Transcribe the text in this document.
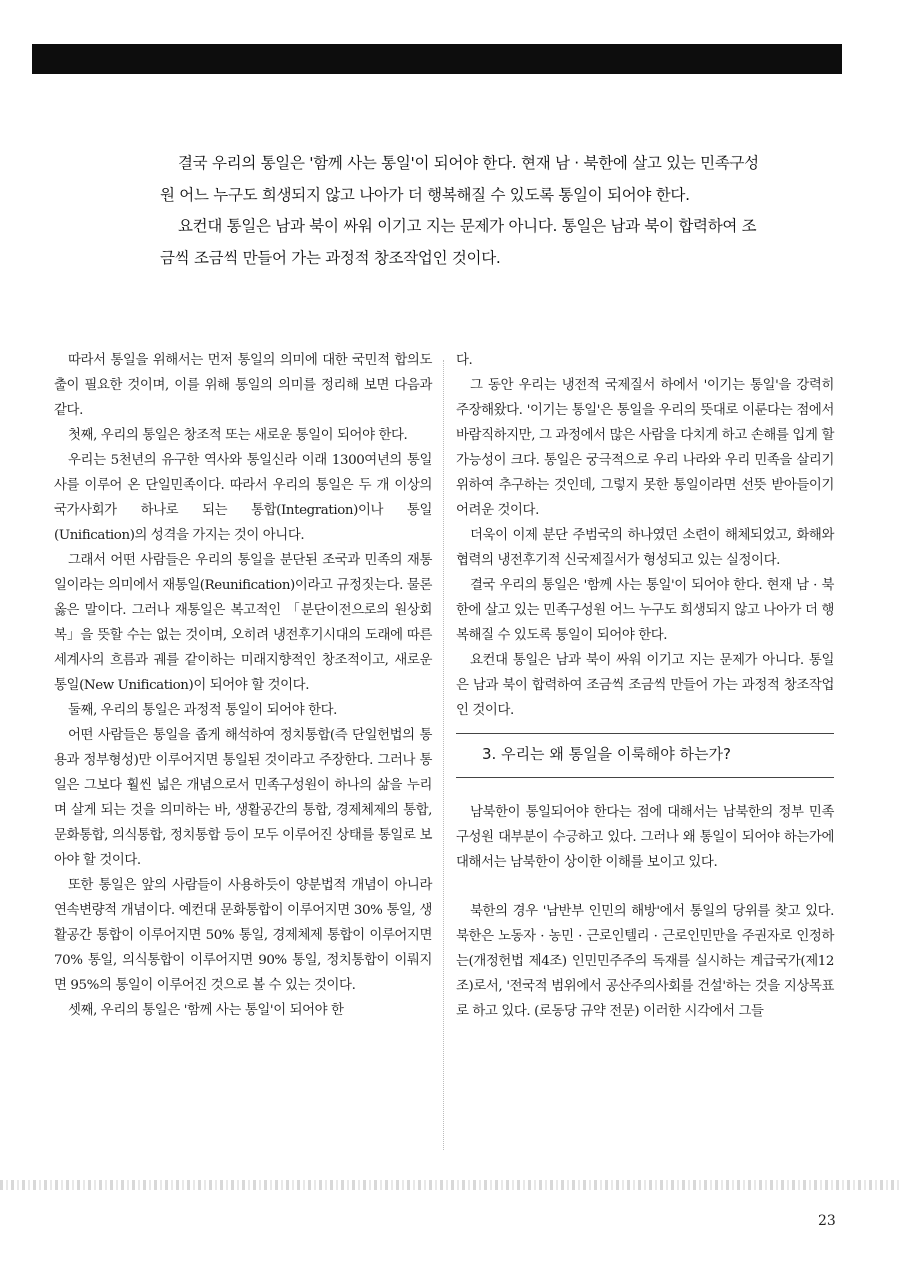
결국 우리의 통일은 '함께 사는 통일'이 되어야 한다. 현재 남 · 북한에 살고 있는 민족구성원 어느 누구도 희생되지 않고 나아가 더 행복해질 수 있도록 통일이 되어야 한다.

요컨대 통일은 남과 북이 싸워 이기고 지는 문제가 아니다. 통일은 남과 북이 합력하여 조금씩 조금씩 만들어 가는 과정적 창조작업인 것이다.

따라서 통일을 위해서는 먼저 통일의 의미에 대한 국민적 합의도출이 필요한 것이며, 이를 위해 통일의 의미를 정리해 보면 다음과 같다.

첫째, 우리의 통일은 창조적 또는 새로운 통일이 되어야 한다.

우리는 5천년의 유구한 역사와 통일신라 이래 1300여년의 통일사를 이루어 온 단일민족이다. 따라서 우리의 통일은 두 개 이상의 국가사회가 하나로 되는 통합(Integration)이나 통일(Unification)의 성격을 가지는 것이 아니다.

그래서 어떤 사람들은 우리의 통일을 분단된 조국과 민족의 재통일이라는 의미에서 재통일(Reunification)이라고 규정짓는다. 물론 옳은 말이다. 그러나 재통일은 복고적인 「분단이전으로의 원상회복」을 뜻할 수는 없는 것이며, 오히려 냉전후기시대의 도래에 따른 세계사의 흐름과 궤를 같이하는 미래지향적인 창조적이고, 새로운 통일(New Unification)이 되어야 할 것이다.

둘째, 우리의 통일은 과정적 통일이 되어야 한다.

어떤 사람들은 통일을 좁게 해석하여 정치통합(즉 단일헌법의 통용과 정부형성)만 이루어지면 통일된 것이라고 주장한다. 그러나 통일은 그보다 훨씬 넓은 개념으로서 민족구성원이 하나의 삶을 누리며 살게 되는 것을 의미하는 바, 생활공간의 통합, 경제체제의 통합, 문화통합, 의식통합, 정치통합 등이 모두 이루어진 상태를 통일로 보아야 할 것이다.

또한 통일은 앞의 사람들이 사용하듯이 양분법적 개념이 아니라 연속변량적 개념이다. 예컨대 문화통합이 이루어지면 30% 통일, 생활공간 통합이 이루어지면 50% 통일, 경제체제 통합이 이루어지면 70% 통일, 의식통합이 이루어지면 90% 통일, 정치통합이 이뤄지면 95%의 통일이 이루어진 것으로 볼 수 있는 것이다.

셋째, 우리의 통일은 '함께 사는 통일'이 되어야 한

다.

그 동안 우리는 냉전적 국제질서 하에서 '이기는 통일'을 강력히 주장해왔다. '이기는 통일'은 통일을 우리의 뜻대로 이룬다는 점에서 바람직하지만, 그 과정에서 많은 사람을 다치게 하고 손해를 입게 할 가능성이 크다. 통일은 궁극적으로 우리 나라와 우리 민족을 살리기 위하여 추구하는 것인데, 그렇지 못한 통일이라면 선뜻 받아들이기 어려운 것이다.

더욱이 이제 분단 주범국의 하나였던 소련이 해체되었고, 화해와 협력의 냉전후기적 신국제질서가 형성되고 있는 실정이다.

결국 우리의 통일은 '함께 사는 통일'이 되어야 한다. 현재 남 · 북한에 살고 있는 민족구성원 어느 누구도 희생되지 않고 나아가 더 행복해질 수 있도록 통일이 되어야 한다.

요컨대 통일은 남과 북이 싸워 이기고 지는 문제가 아니다. 통일은 남과 북이 합력하여 조금씩 조금씩 만들어 가는 과정적 창조작업인 것이다.

3. 우리는 왜 통일을 이룩해야 하는가?

남북한이 통일되어야 한다는 점에 대해서는 남북한의 정부 민족구성원 대부분이 수긍하고 있다. 그러나 왜 통일이 되어야 하는가에 대해서는 남북한이 상이한 이해를 보이고 있다.

북한의 경우 '남반부 인민의 해방'에서 통일의 당위를 찾고 있다. 북한은 노동자 · 농민 · 근로인텔리 · 근로인민만을 주권자로 인정하는(개정헌법 제4조) 인민민주주의 독재를 실시하는 계급국가(제12조)로서, '전국적 범위에서 공산주의사회를 건설'하는 것을 지상목표로 하고 있다. (로동당 규약 전문) 이러한 시각에서 그들

23
